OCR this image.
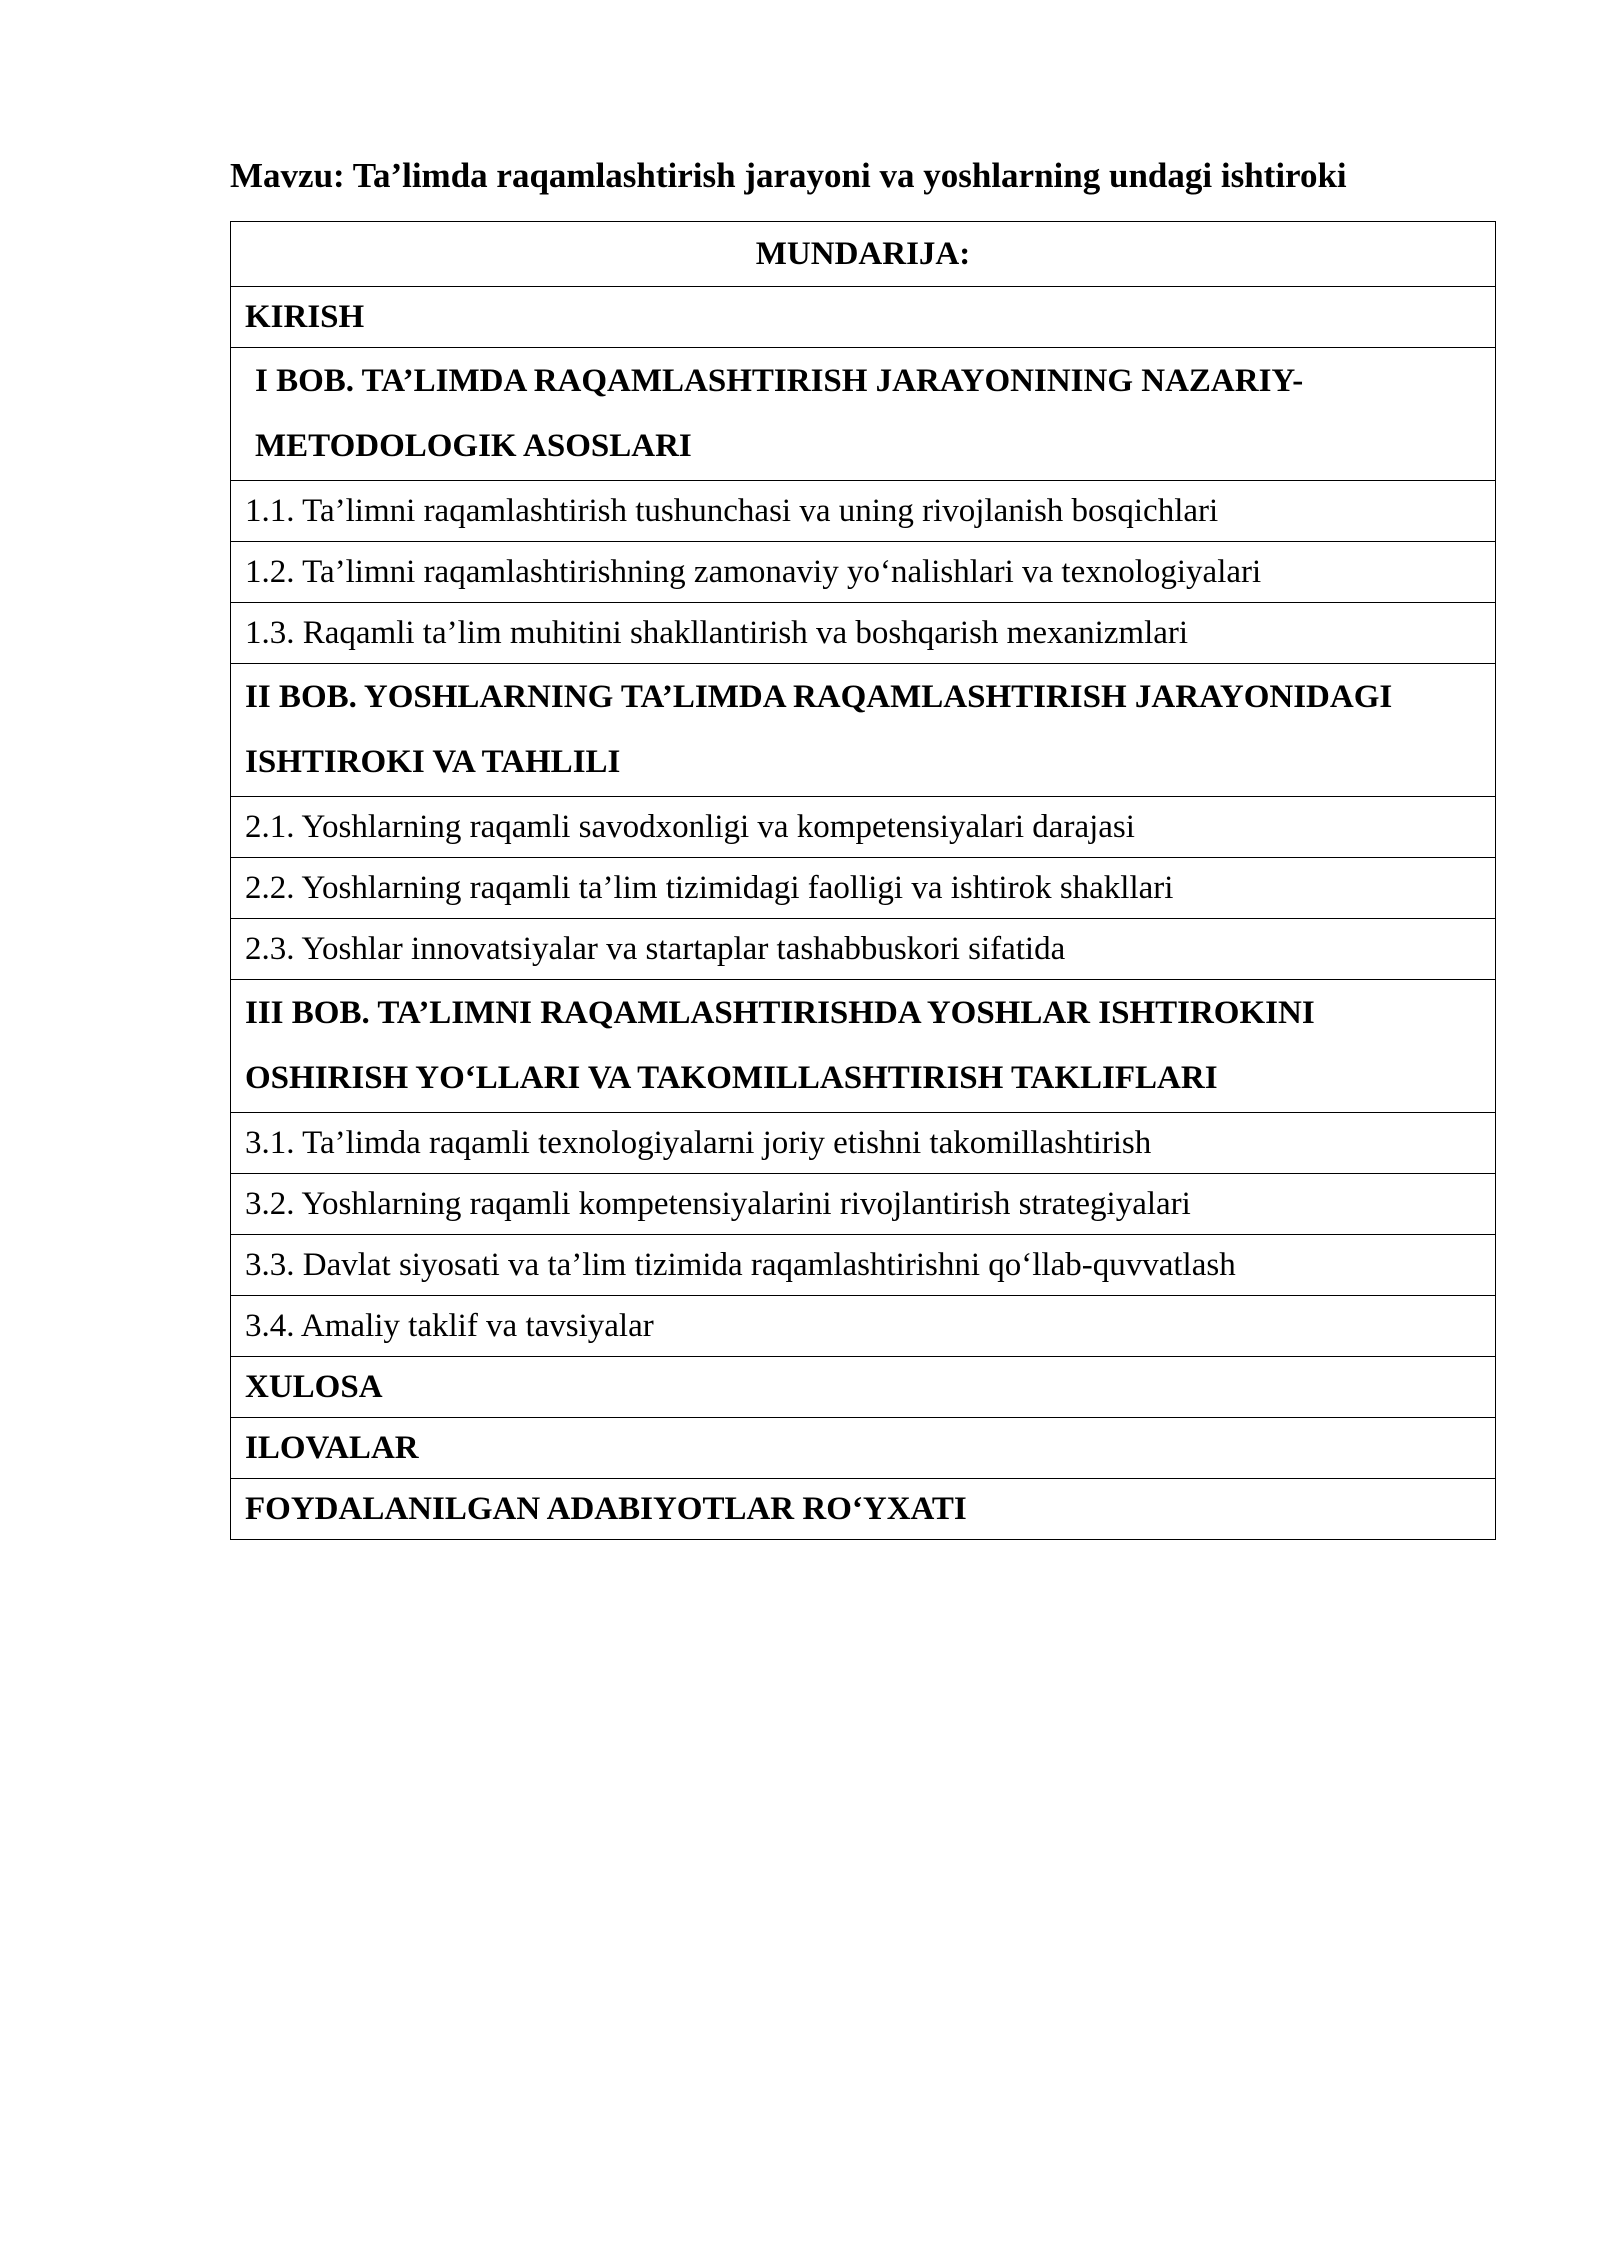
Mavzu: Ta’limda raqamlashtirish jarayoni va yoshlarning undagi ishtiroki
MUNDARIJA:
KIRISH
I BOB. TA’LIMDA RAQAMLASHTIRISH JARAYONINING NAZARIY-METODOLOGIK ASOSLARI
1.1. Ta’limni raqamlashtirish tushunchasi va uning rivojlanish bosqichlari
1.2. Ta’limni raqamlashtirishning zamonaviy yo‘nalishlari va texnologiyalari
1.3. Raqamli ta’lim muhitini shakllantirish va boshqarish mexanizmlari
II BOB. YOSHLARNING TA’LIMDA RAQAMLASHTIRISH JARAYONIDAGI ISHTIROKI VA TAHLILI
2.1. Yoshlarning raqamli savodxonligi va kompetensiyalari darajasi
2.2. Yoshlarning raqamli ta’lim tizimidagi faolligi va ishtirok shakllari
2.3. Yoshlar innovatsiyalar va startaplar tashabbuskori sifatida
III BOB. TA’LIMNI RAQAMLASHTIRISHDA YOSHLAR ISHTIROKINI OSHIRISH YO‘LLARI VA TAKOMILLASHTIRISH TAKLIFLARI
3.1. Ta’limda raqamli texnologiyalarni joriy etishni takomillashtirish
3.2. Yoshlarning raqamli kompetensiyalarini rivojlantirish strategiyalari
3.3. Davlat siyosati va ta’lim tizimida raqamlashtirishni qo‘llab-quvvatlash
3.4. Amaliy taklif va tavsiyalar
XULOSA
ILOVALAR
FOYDALANILGAN ADABIYOTLAR RO‘YXATI
